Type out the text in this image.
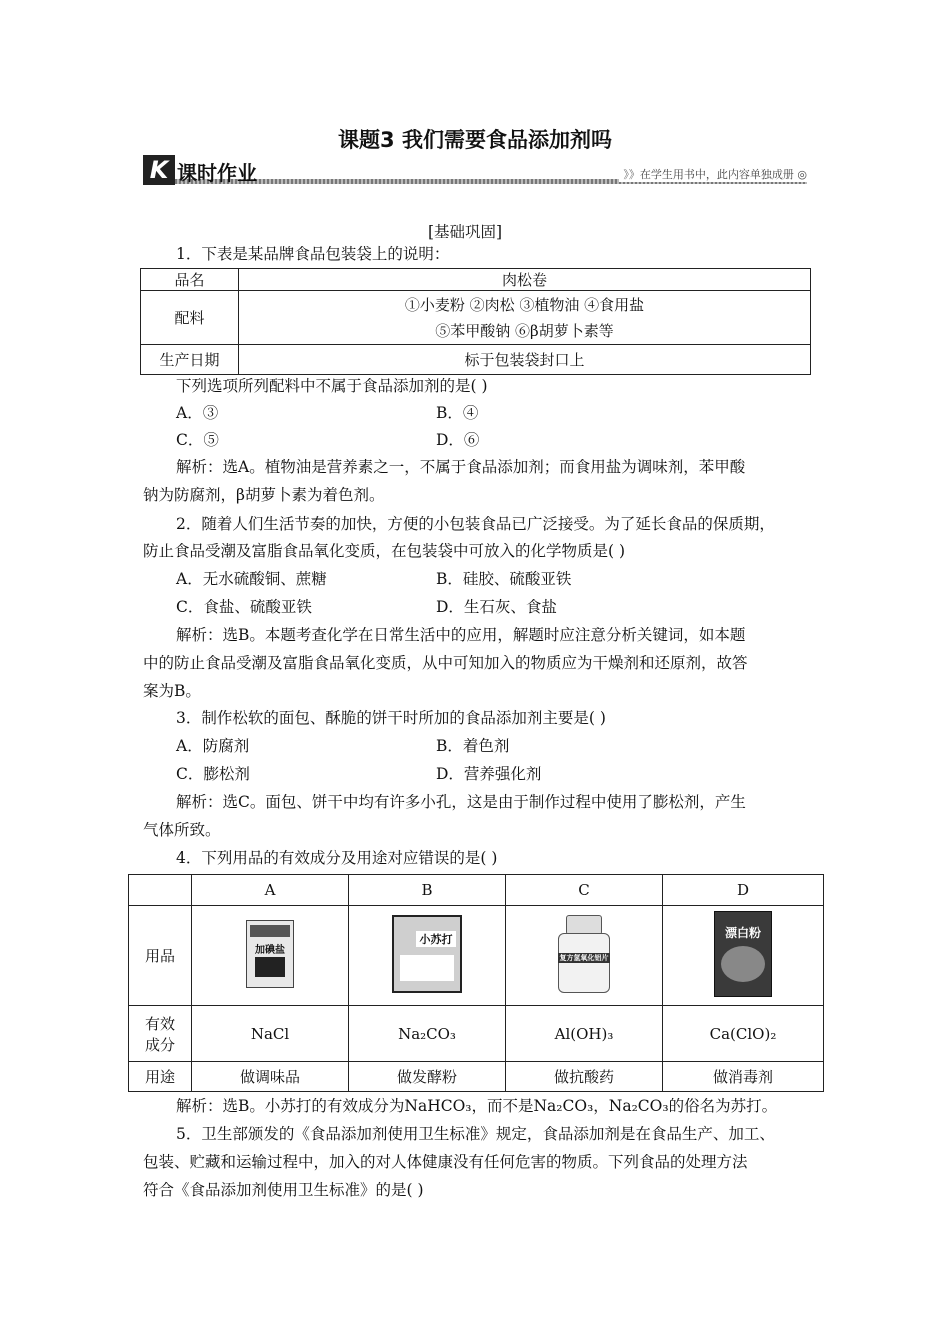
课题3 我们需要食品添加剂吗
K 课时作业	》》在学生用书中，此内容单独成册 ◎
[基础巩固]
1．下表是某品牌食品包装袋上的说明：
品名	肉松卷
配料	①小麦粉 ②肉松 ③植物油 ④食用盐
⑤苯甲酸钠 ⑥β胡萝卜素等

生产日期	标于包装袋封口上
下列选项所列配料中不属于食品添加剂的是( )
A．③	B．④
C．⑤	D．⑥
解析：选A。植物油是营养素之一，不属于食品添加剂；而食用盐为调味剂，苯甲酸
钠为防腐剂，β胡萝卜素为着色剂。
2．随着人们生活节奏的加快，方便的小包装食品已广泛接受。为了延长食品的保质期，
防止食品受潮及富脂食品氧化变质，在包装袋中可放入的化学物质是( )
A．无水硫酸铜、蔗糖	B．硅胶、硫酸亚铁
C．食盐、硫酸亚铁	D．生石灰、食盐
解析：选B。本题考查化学在日常生活中的应用，解题时应注意分析关键词，如本题
中的防止食品受潮及富脂食品氧化变质，从中可知加入的物质应为干燥剂和还原剂，故答
案为B。
3．制作松软的面包、酥脆的饼干时所加的食品添加剂主要是( )
A．防腐剂	B．着色剂
C．膨松剂	D．营养强化剂
解析：选C。面包、饼干中均有许多小孔，这是由于制作过程中使用了膨松剂，产生
气体所致。
4．下列用品的有效成分及用途对应错误的是( )
	A	B	C	D
用品	加碘盐	小苏打	复方氢氧化铝片	漂白粉

有效
成分	NaCl	Na₂CO₃	Al(OH)₃	Ca(ClO)₂
用途	做调味品	做发酵粉	做抗酸药	做消毒剂
解析：选B。小苏打的有效成分为NaHCO₃，而不是Na₂CO₃，Na₂CO₃的俗名为苏打。
5．卫生部颁发的《食品添加剂使用卫生标准》规定，食品添加剂是在食品生产、加工、
包装、贮藏和运输过程中，加入的对人体健康没有任何危害的物质。下列食品的处理方法
符合《食品添加剂使用卫生标准》的是( )
